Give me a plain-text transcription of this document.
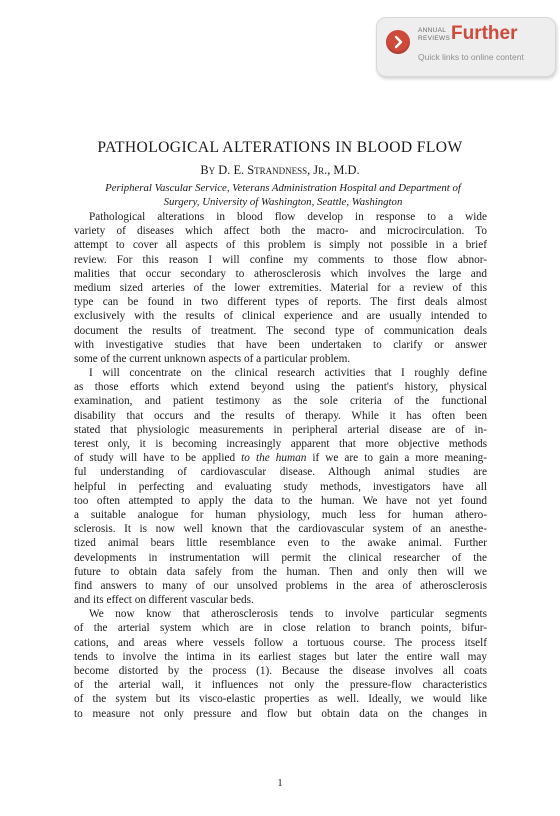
ANNUAL
REVIEWS Further
Quick links to online content
PATHOLOGICAL ALTERATIONS IN BLOOD FLOW
By D. E. Strandness, Jr., M.D.
Peripheral Vascular Service, Veterans Administration Hospital and Department of
Surgery, University of Washington, Seattle, Washington
Pathological alterations in blood flow develop in response to a wide
variety of diseases which affect both the macro- and microcirculation. To
attempt to cover all aspects of this problem is simply not possible in a brief
review. For this reason I will confine my comments to those flow abnor-
malities that occur secondary to atherosclerosis which involves the large and
medium sized arteries of the lower extremities. Material for a review of this
type can be found in two different types of reports. The first deals almost
exclusively with the results of clinical experience and are usually intended to
document the results of treatment. The second type of communication deals
with investigative studies that have been undertaken to clarify or answer
some of the current unknown aspects of a particular problem.
I will concentrate on the clinical research activities that I roughly define
as those efforts which extend beyond using the patient's history, physical
examination, and patient testimony as the sole criteria of the functional
disability that occurs and the results of therapy. While it has often been
stated that physiologic measurements in peripheral arterial disease are of in-
terest only, it is becoming increasingly apparent that more objective methods
of study will have to be applied to the human if we are to gain a more meaning-
ful understanding of cardiovascular disease. Although animal studies are
helpful in perfecting and evaluating study methods, investigators have all
too often attempted to apply the data to the human. We have not yet found
a suitable analogue for human physiology, much less for human athero-
sclerosis. It is now well known that the cardiovascular system of an anesthe-
tized animal bears little resemblance even to the awake animal. Further
developments in instrumentation will permit the clinical researcher of the
future to obtain data safely from the human. Then and only then will we
find answers to many of our unsolved problems in the area of atherosclerosis
and its effect on different vascular beds.
We now know that atherosclerosis tends to involve particular segments
of the arterial system which are in close relation to branch points, bifur-
cations, and areas where vessels follow a tortuous course. The process itself
tends to involve the intima in its earliest stages but later the entire wall may
become distorted by the process (1). Because the disease involves all coats
of the arterial wall, it influences not only the pressure-flow characteristics
of the system but its visco-elastic properties as well. Ideally, we would like
to measure not only pressure and flow but obtain data on the changes in
1
